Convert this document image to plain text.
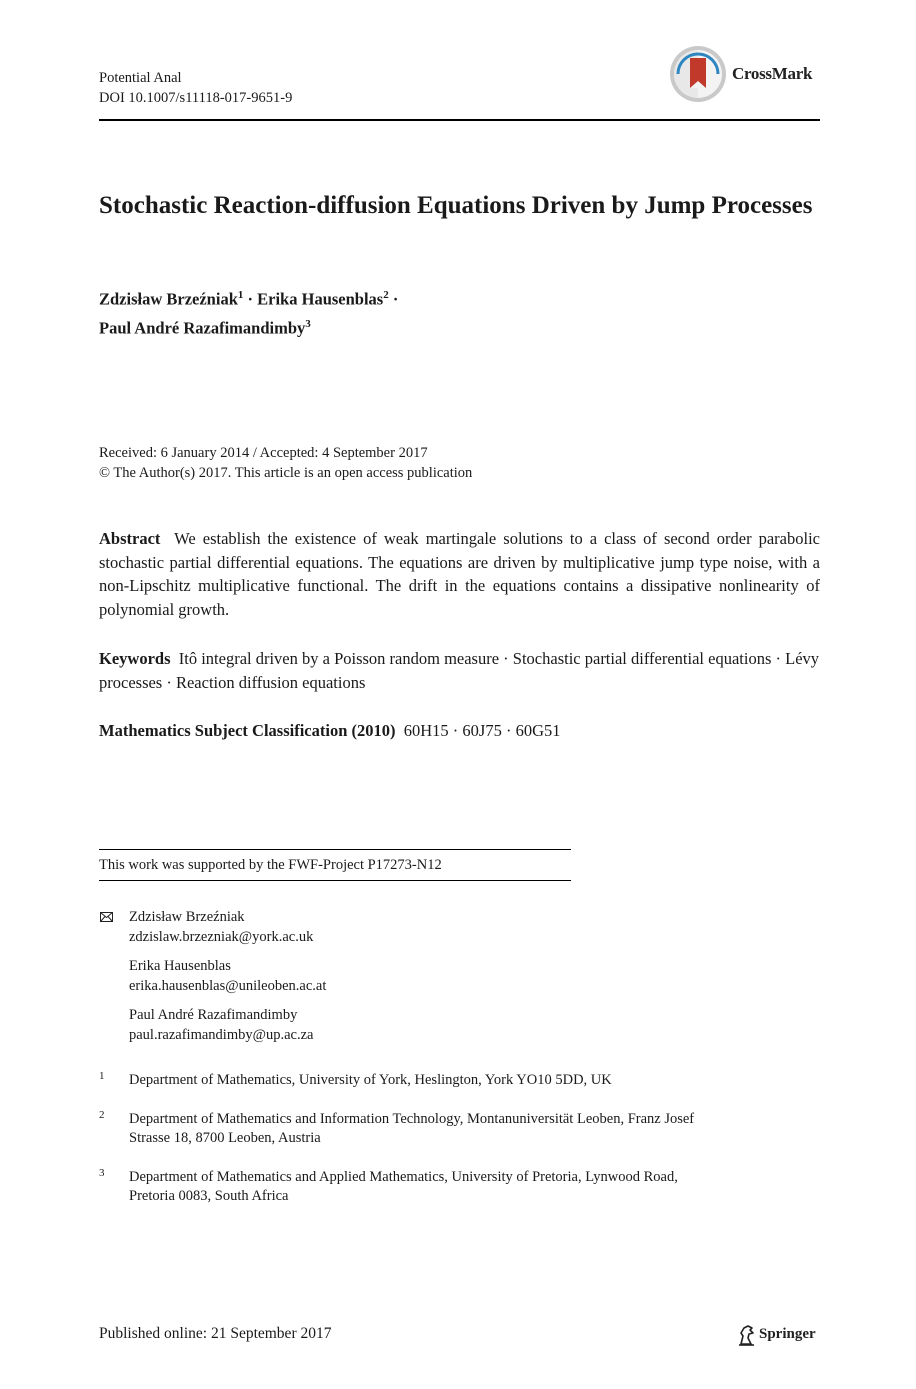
Potential Anal
DOI 10.1007/s11118-017-9651-9
CrossMark
Stochastic Reaction-diffusion Equations Driven by Jump Processes
Zdzisław Brzeźniak$^1$ · Erika Hausenblas$^2$ ·
Paul André Razafimandimby$^3$
Received: 6 January 2014 / Accepted: 4 September 2017
© The Author(s) 2017. This article is an open access publication
Abstract We establish the existence of weak martingale solutions to a class of second order parabolic stochastic partial differential equations. The equations are driven by multiplicative jump type noise, with a non-Lipschitz multiplicative functional. The drift in the equations contains a dissipative nonlinearity of polynomial growth.
Keywords Itô integral driven by a Poisson random measure · Stochastic partial differential equations · Lévy processes · Reaction diffusion equations
Mathematics Subject Classification (2010) 60H15 · 60J75 · 60G51
This work was supported by the FWF-Project P17273-N12
Zdzisław Brzeźniak
zdzislaw.brzezniak@york.ac.uk
Erika Hausenblas
erika.hausenblas@unileoben.ac.at
Paul André Razafimandimby
paul.razafimandimby@up.ac.za
1 Department of Mathematics, University of York, Heslington, York YO10 5DD, UK
2 Department of Mathematics and Information Technology, Montanuniversität Leoben, Franz Josef
Strasse 18, 8700 Leoben, Austria
3 Department of Mathematics and Applied Mathematics, University of Pretoria, Lynwood Road,
Pretoria 0083, South Africa
Published online: 21 September 2017	Springer
